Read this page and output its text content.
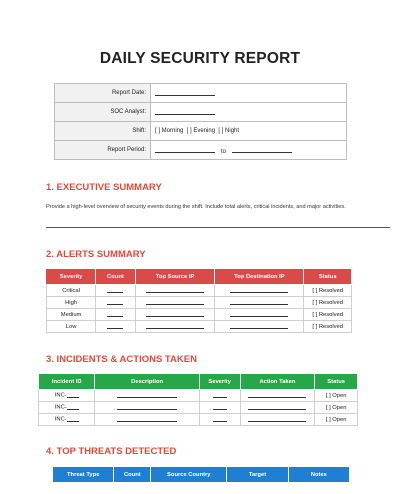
DAILY SECURITY REPORT
Report Date:	
SOC Analyst:	
Shift:	[ ] Morning  [ ] Evening  [ ] Night
Report Period:	to
1. EXECUTIVE SUMMARY
Provide a high-level overview of security events during the shift. Include total alerts, critical incidents, and major activities.
2. ALERTS SUMMARY
Severity	Count	Top Source IP	Top Destination IP	Status
Critical				[ ] Resolved
High				[ ] Resolved
Medium				[ ] Resolved
Low				[ ] Resolved
3. INCIDENTS & ACTIONS TAKEN
Incident ID	Description	Severity	Action Taken	Status
INC-				[ ] Open
INC-				[ ] Open
INC-				[ ] Open
4. TOP THREATS DETECTED
Threat Type	Count	Source Country	Target	Notes
